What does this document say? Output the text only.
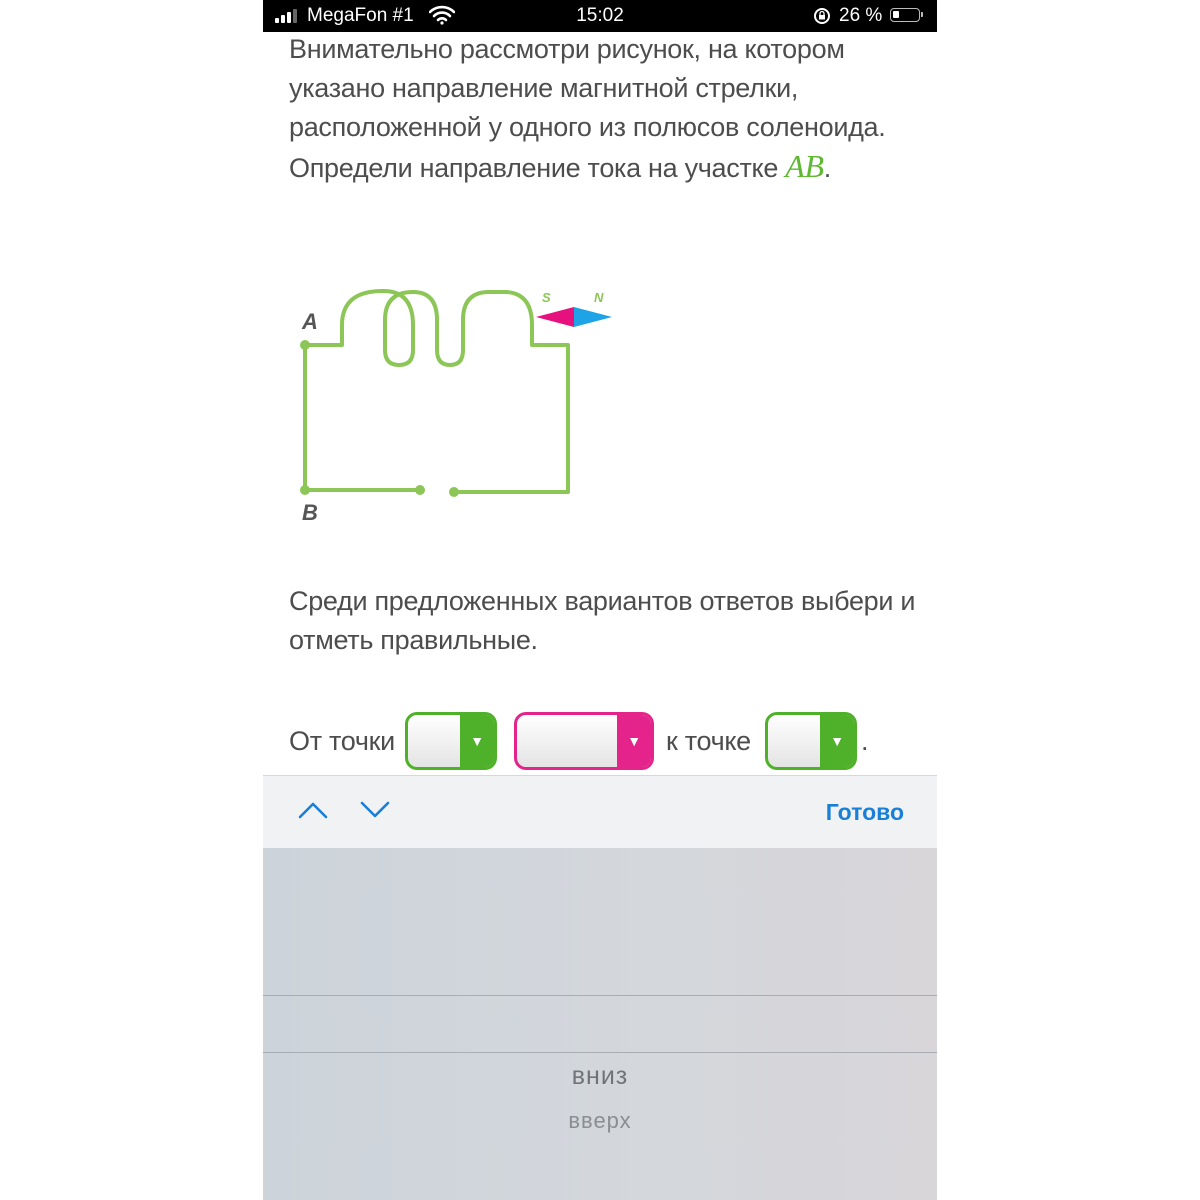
MegaFon #1	15:02	26 %
Внимательно рассмотри рисунок, на котором указано направление магнитной стрелки, расположенной у одного из полюсов соленоида. Определи направление тока на участке AB.
A
B
S	N
Среди предложенных вариантов ответов выбери и отметь правильные.
От точки	▼	▼ к точке	▼ .
Готово
вниз
вверх
